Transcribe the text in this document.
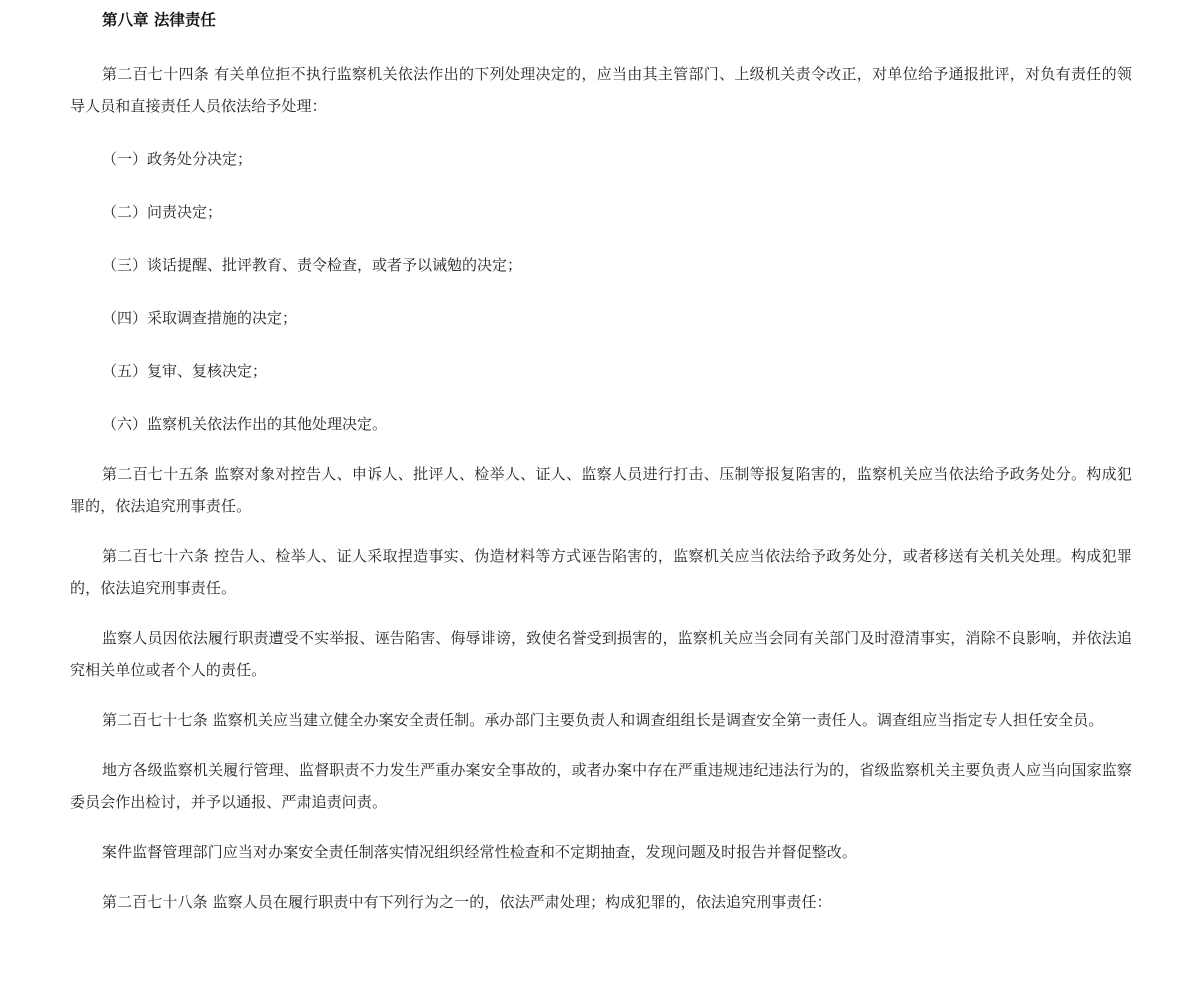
第八章 法律责任

第二百七十四条 有关单位拒不执行监察机关依法作出的下列处理决定的，应当由其主管部门、上级机关责令改正，对单位给予通报批评，对负有责任的领导人员和直接责任人员依法给予处理：

（一）政务处分决定；

（二）问责决定；

（三）谈话提醒、批评教育、责令检查，或者予以诫勉的决定；

（四）采取调查措施的决定；

（五）复审、复核决定；

（六）监察机关依法作出的其他处理决定。

第二百七十五条 监察对象对控告人、申诉人、批评人、检举人、证人、监察人员进行打击、压制等报复陷害的，监察机关应当依法给予政务处分。构成犯罪的，依法追究刑事责任。

第二百七十六条 控告人、检举人、证人采取捏造事实、伪造材料等方式诬告陷害的，监察机关应当依法给予政务处分，或者移送有关机关处理。构成犯罪的，依法追究刑事责任。

监察人员因依法履行职责遭受不实举报、诬告陷害、侮辱诽谤，致使名誉受到损害的，监察机关应当会同有关部门及时澄清事实，消除不良影响，并依法追究相关单位或者个人的责任。

第二百七十七条 监察机关应当建立健全办案安全责任制。承办部门主要负责人和调查组组长是调查安全第一责任人。调查组应当指定专人担任安全员。

地方各级监察机关履行管理、监督职责不力发生严重办案安全事故的，或者办案中存在严重违规违纪违法行为的，省级监察机关主要负责人应当向国家监察委员会作出检讨，并予以通报、严肃追责问责。

案件监督管理部门应当对办案安全责任制落实情况组织经常性检查和不定期抽查，发现问题及时报告并督促整改。

第二百七十八条 监察人员在履行职责中有下列行为之一的，依法严肃处理；构成犯罪的，依法追究刑事责任：
